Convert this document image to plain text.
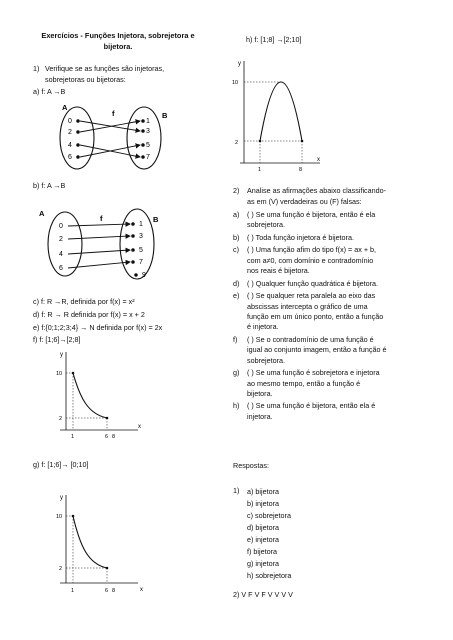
Exercícios - Funções Injetora, sobrejetora e
bijetora.
1) Verifique se as funções são injetoras,
sobrejetoras ou bijetoras:
a) f: A →B
A
B
f
0
2
4
6
1
3
5
7
b) f: A →B
A
B
f
0
2
4
6
1
3
5
7
9
c) f: R →R, definida por f(x) = x²
d) f: R → R definida por f(x) = x + 2
e) f:{0;1;2;3;4} → N definida por f(x) = 2x
f) f: [1;6]→[2;8]
y
x
10
2
1	6 8
g) f: [1;6]→ [0;10]
y
x
10
2
1	6 8
h) f: [1;8] →[2;10]
y
x
10
2
1	8
2) Analise as afirmações abaixo classificando-
as em (V) verdadeiras ou (F) falsas:
a) ( ) Se uma função é bijetora, então é ela
sobrejetora.
b) ( ) Toda função injetora é bijetora.
c) ( ) Uma função afim do tipo f(x) = ax + b,
com a≠0, com domínio e contradomínio
nos reais é bijetora.
d) ( ) Qualquer função quadrática é bijetora.
e) ( ) Se qualquer reta paralela ao eixo das
abscissas intercepta o gráfico de uma
função em um único ponto, então a função
é injetora.
f) ( ) Se o contradomínio de uma função é
igual ao conjunto imagem, então a função é
sobrejetora.
g) ( ) Se uma função é sobrejetora e injetora
ao mesmo tempo, então a função é
bijetora.
h) ( ) Se uma função é bijetora, então ela é
injetora.
Respostas:
1) a) bijetora
b) injetora
c) sobrejetora
d) bijetora
e) injetora
f) bijetora
g) injetora
h) sobrejetora
2) V F V F V V V V
